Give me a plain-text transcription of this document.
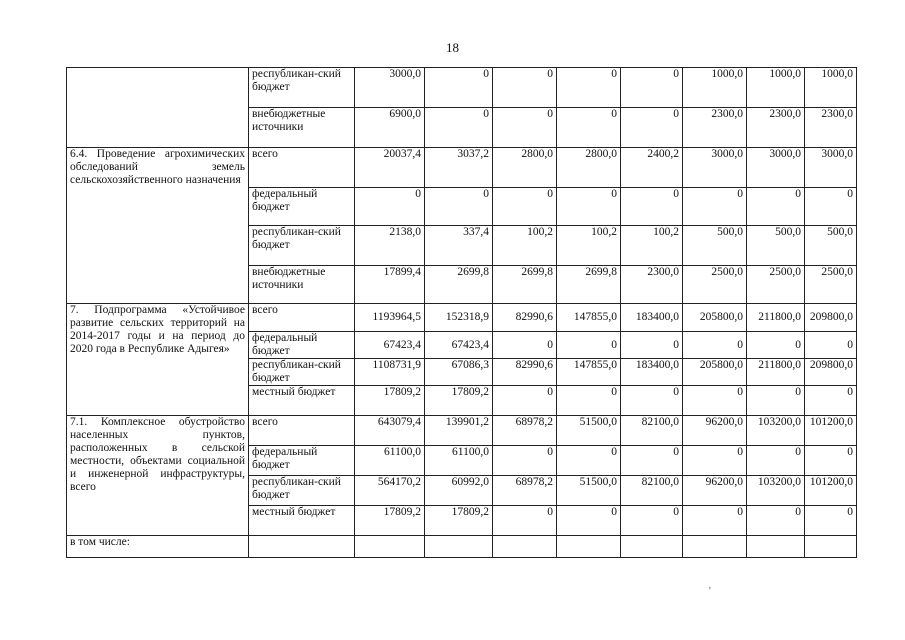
18
	республикан-ский бюджет	3000,0	0	0	0	0	1000,0	1000,0	1000,0
	внебюджетные источники	6900,0	0	0	0	0	2300,0	2300,0	2300,0
6.4. Проведение агрохимических обследований земель сельскохозяйственного назначения	всего	20037,4	3037,2	2800,0	2800,0	2400,2	3000,0	3000,0	3000,0
	федеральный бюджет	0	0	0	0	0	0	0	0
	республикан-ский бюджет	2138,0	337,4	100,2	100,2	100,2	500,0	500,0	500,0
	внебюджетные источники	17899,4	2699,8	2699,8	2699,8	2300,0	2500,0	2500,0	2500,0
7. Подпрограмма «Устойчивое развитие сельских территорий на 2014-2017 годы и на период до 2020 года в Республике Адыгея»	всего	1193964,5	152318,9	82990,6	147855,0	183400,0	205800,0	211800,0	209800,0
	федеральный бюджет	67423,4	67423,4	0	0	0	0	0	0
	республикан-ский бюджет	1108731,9	67086,3	82990,6	147855,0	183400,0	205800,0	211800,0	209800,0
	местный бюджет	17809,2	17809,2	0	0	0	0	0	0
7.1. Комплексное обустройство населенных пунктов, расположенных в сельской местности, объектами социальной и инженерной инфраструктуры, всего	всего	643079,4	139901,2	68978,2	51500,0	82100,0	96200,0	103200,0	101200,0
	федеральный бюджет	61100,0	61100,0	0	0	0	0	0	0
	республикан-ский бюджет	564170,2	60992,0	68978,2	51500,0	82100,0	96200,0	103200,0	101200,0
	местный бюджет	17809,2	17809,2	0	0	0	0	0	0
в том числе:									
'
